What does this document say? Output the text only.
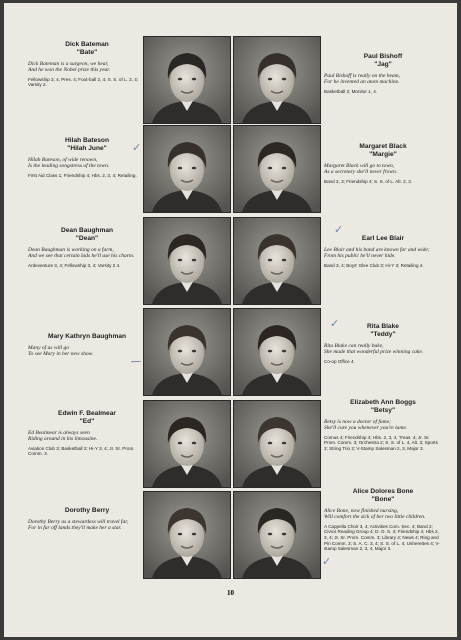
Dick Bateman
"Bate"
Dick Bateman is a surgeon, we hear,
And he won the Nobel prize this year.
Fellowship 3, 4, Pres. 4; Foot-ball 2, 4; S. S. of L. 2, 4; Varsity 2.
Hilah Bateson
"Hilah June"
Hilah Bateson, of wide renown,
Is the leading songstress of the town.
First Aid Class 1; Friendship 4; Hbs. 2, 3, 4; Retailing.
Dean Baughman
"Dean"
Dean Baughman is working on a farm,
And we see that certain lads he'll use his charm.
Ardeventure 3, 4; Fellowship 3, 4; Varsity 2 4.
Mary Kathryn Baughman
Many of us will go
To see Mary in her new show.
Edwin F. Bealmear
"Ed"
Ed Bealmear is always seen
Riding around in his limousine.
Aviation Club 3; Basketball 2; Hi-Y 3, 4; Jr. Sr. Prom. Comm. 3.
Dorothy Berry
Dorothy Berry as a stewardess will travel far,
For in far off lands they'll make her a star.
Paul Bishoff
"Jag"
Paul Bishoff is really on the beam,
For he invented an atom machine.
Basketball 2; Monitor 1, 4.
Margaret Black
"Margie"
Margaret Black will go to town,
As a secretary she'll never frown.
Band 2, 3; Friendship 4; S. S. of L. Alt. 2, 3.
Earl Lee Blair
Lee Blair and his band are known far and wide;
From his public he'll never hide.
Band 3, 4; Boys' Glee Club 3; Hi-Y 3; Retailing 4.
Rita Blake
"Teddy"
Rita Blake can really bake,
She made that wonderful prize winning cake.
Co-op Office 4.
Elizabeth Ann Boggs
"Betsy"
Betsy is now a doctor of fame;
She'll cure you whenever you're lame.
Comus 4; Friendship 4; Hbs. 2, 3, 4, Treas. 4; Jr. Sr. Prom. Comm. 3; Orchestra 2; S. S. of L. 4, Alt. 3; Sports 2; String Trio 2; V-Stamp Salesman 2, 3, Major 3.
Alice Dolores Bone
"Bone"
Alice Bone, now finished nursing,
Will comfort the sick of her two little children.
A Cappella Choir 3, 4; Activities Com. Sec. 4; Band 2; Civics Reading Group 4; D. O. S. 4; Friendship 4; Hbs 2, 3, 4; Jr. Sr. Prom. Comm. 3; Library 4; News 4; Ring and Pin Comm. 3; S. A. C. 3, 4; S. S. of L. 4; Usherettes 4; V-stamp Salesman 2, 3, 4, Major 3.
✓
✓
✓
/
✓
10
